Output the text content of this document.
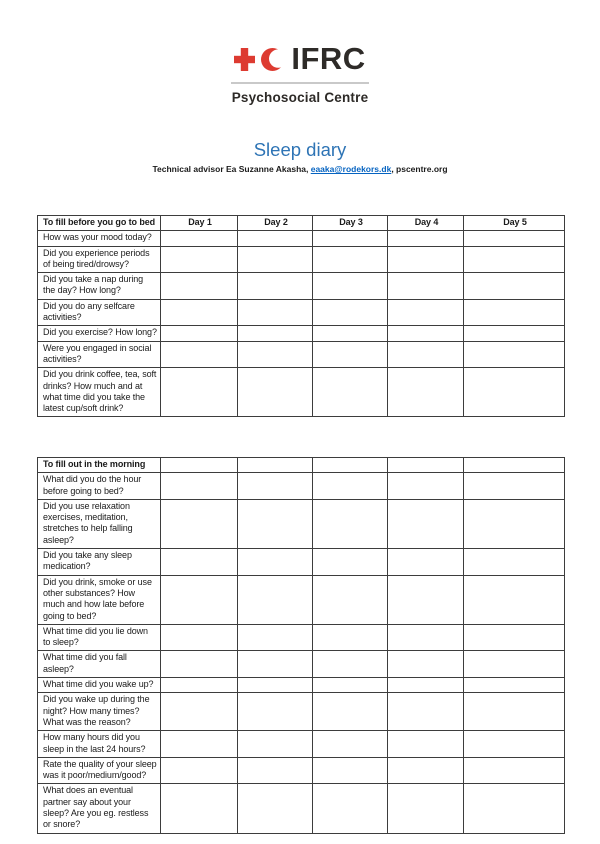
IFRC
Psychosocial Centre
Sleep diary
Technical advisor Ea Suzanne Akasha, eaaka@rodekors.dk, pscentre.org
To fill before you go to bed	Day 1	Day 2	Day 3	Day 4	Day 5
How was your mood today?					
Did you experience periods of being tired/drowsy?					
Did you take a nap during the day? How long?					
Did you do any selfcare activities?					
Did you exercise? How long?					
Were you engaged in social activities?					
Did you drink coffee, tea, soft drinks? How much and at what time did you take the latest cup/soft drink?					
To fill out in the morning					
What did you do the hour before going to bed?					
Did you use relaxation exercises, meditation, stretches to help falling asleep?					
Did you take any sleep medication?					
Did you drink, smoke or use other substances? How much and how late before going to bed?					
What time did you lie down to sleep?					
What time did you fall asleep?					
What time did you wake up?					
Did you wake up during the night? How many times? What was the reason?					
How many hours did you sleep in the last 24 hours?					
Rate the quality of your sleep was it poor/medium/good?					
What does an eventual partner say about your sleep? Are you eg. restless or snore?					
